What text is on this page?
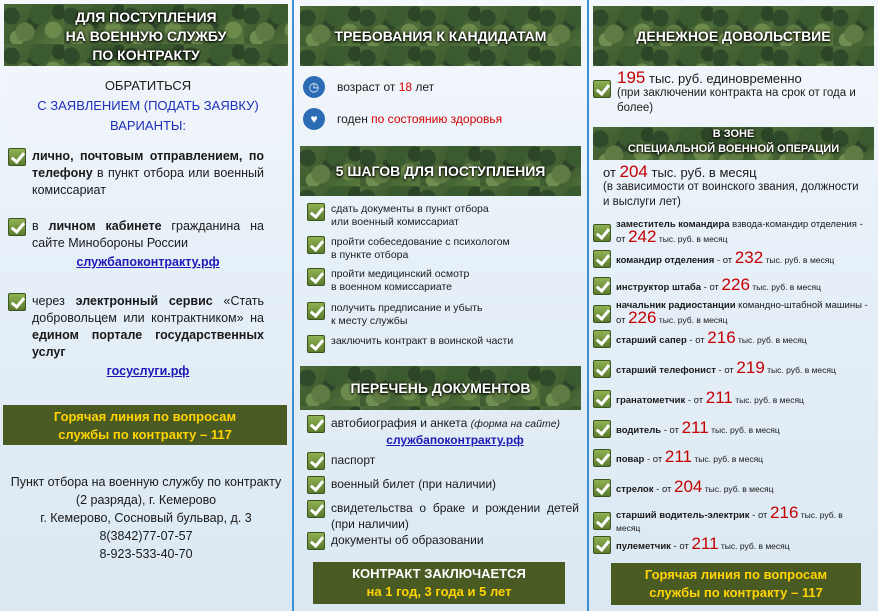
ДЛЯ ПОСТУПЛЕНИЯ
НА ВОЕННУЮ СЛУЖБУ
ПО КОНТРАКТУ
ОБРАТИТЬСЯ
С ЗАЯВЛЕНИЕМ (ПОДАТЬ ЗАЯВКУ)
ВАРИАНТЫ:
лично, почтовым отправлением, по телефону в пункт отбора или военный комиссариат
в личном кабинете гражданина на сайте Минобороны России
службапоконтракту.рф
через электронный сервис «Стать добровольцем или контрактником» на едином портале государственных услуг
госуслуги.рф
Горячая линия по вопросам
службы по контракту – 117
Пункт отбора на военную службу по контракту (2 разряда), г. Кемерово
г. Кемерово, Сосновый бульвар, д. 3
8(3842)77-07-57
8-923-533-40-70
ТРЕБОВАНИЯ К КАНДИДАТАМ
◷	возраст от 18 лет
♥	годен по состоянию здоровья
5 ШАГОВ ДЛЯ ПОСТУПЛЕНИЯ
сдать документы в пункт отбора
или военный комиссариат
пройти собеседование с психологом
в пункте отбора
пройти медицинский осмотр
в военном комиссариате
получить предписание и убыть
к месту службы
заключить контракт в воинской части
ПЕРЕЧЕНЬ ДОКУМЕНТОВ
автобиография и анкета (форма на сайте)
службапоконтракту.рф
паспорт
военный билет (при наличии)
свидетельства о браке и рождении детей (при наличии)
документы об образовании
КОНТРАКТ ЗАКЛЮЧАЕТСЯ
на 1 год, 3 года и 5 лет
ДЕНЕЖНОЕ ДОВОЛЬСТВИЕ
195 тыс. руб. единовременно
(при заключении контракта на срок от года и более)
В ЗОНЕ
СПЕЦИАЛЬНОЙ ВОЕННОЙ ОПЕРАЦИИ
от 204 тыс. руб. в месяц
(в зависимости от воинского звания, должности и выслуги лет)
заместитель командира взвода-командир отделения - от 242 тыс. руб. в месяц
командир отделения - от 232 тыс. руб. в месяц
инструктор штаба - от 226 тыс. руб. в месяц
начальник радиостанции командно-штабной машины - от 226 тыс. руб. в месяц
старший сапер - от 216 тыс. руб. в месяц
старший телефонист - от 219 тыс. руб. в месяц
гранатометчик - от 211 тыс. руб. в месяц
водитель - от 211 тыс. руб. в месяц
повар - от 211 тыс. руб. в месяц
стрелок - от 204 тыс. руб. в месяц
старший водитель-электрик - от 216 тыс. руб. в месяц
пулеметчик - от 211 тыс. руб. в месяц
Горячая линия по вопросам
службы по контракту – 117
